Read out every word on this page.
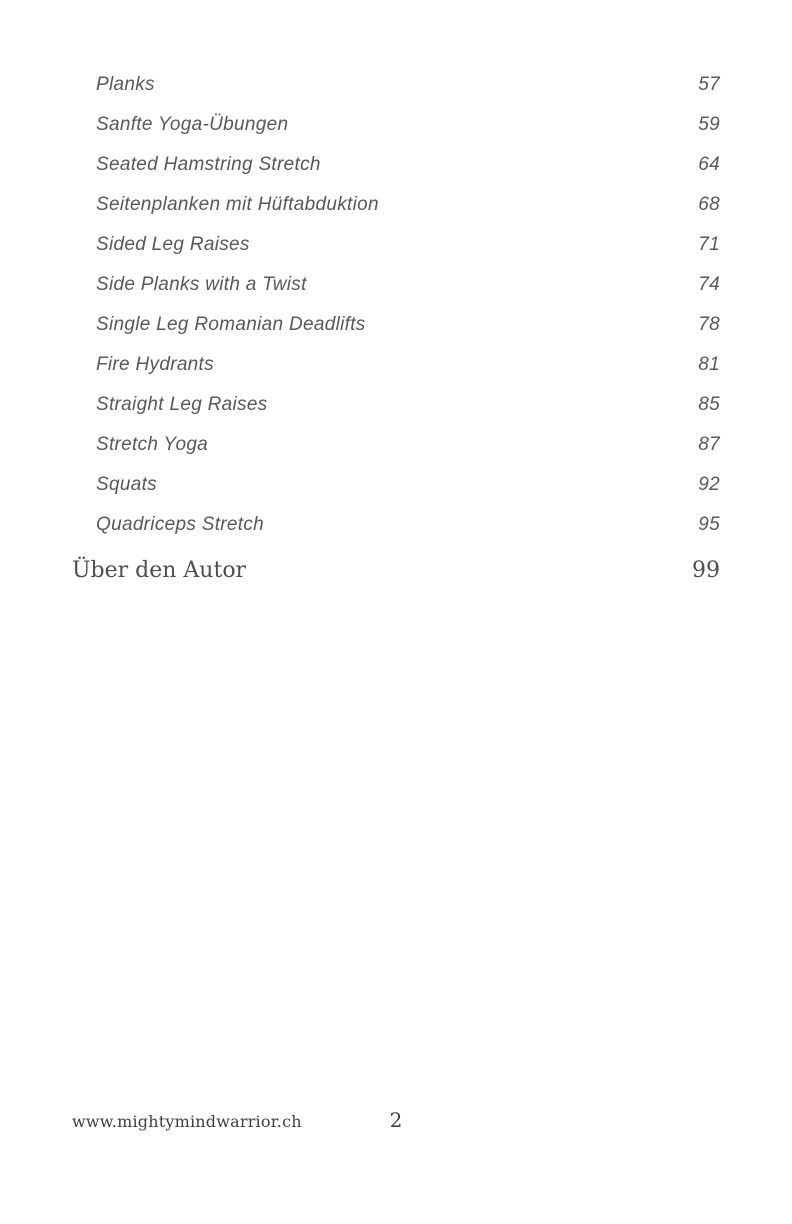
Planks	57
Sanfte Yoga-Übungen	59
Seated Hamstring Stretch	64
Seitenplanken mit Hüftabduktion	68
Sided Leg Raises	71
Side Planks with a Twist	74
Single Leg Romanian Deadlifts	78
Fire Hydrants	81
Straight Leg Raises	85
Stretch Yoga	87
Squats	92
Quadriceps Stretch	95
Über den Autor	99
2
www.mightymindwarrior.ch
